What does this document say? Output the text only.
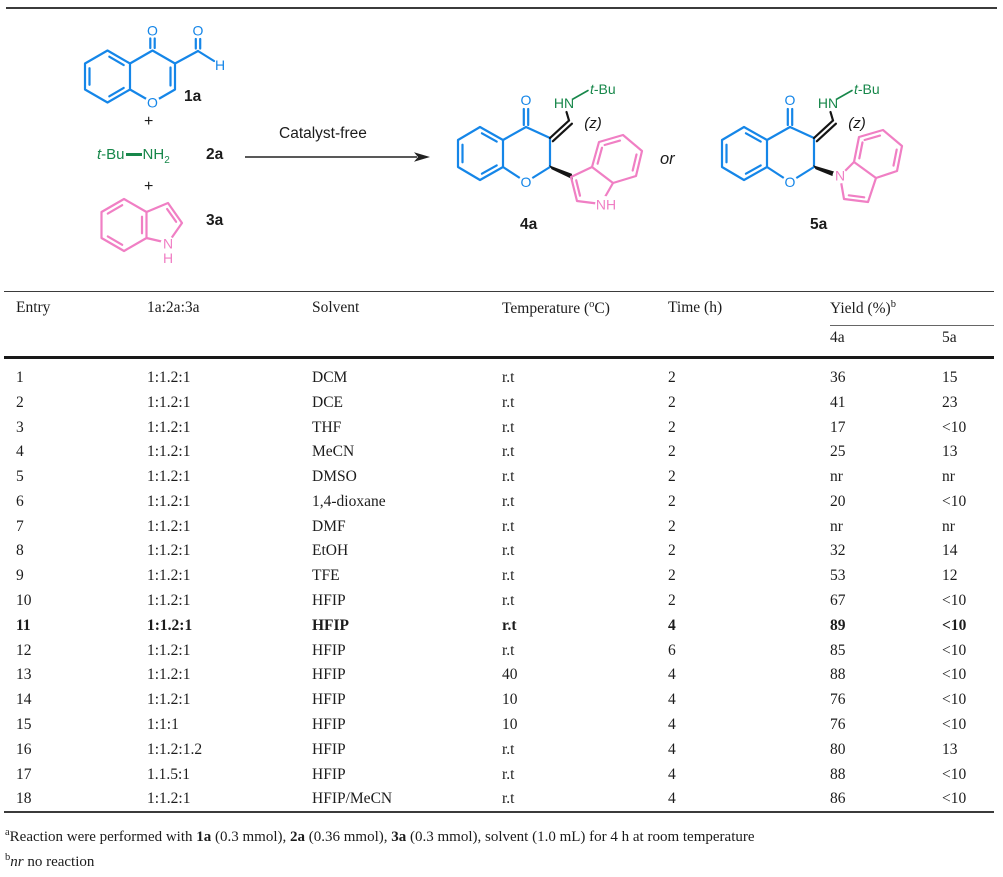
O O
O
H
1a
+
t-Bu $NH_2$ 2a
+
N
H
3a
Catalyst-free
O
O
HN
t-Bu
(z)
NH
4a
or
O
O
HN
t-Bu
(z)
N
5a
Entry	1a:2a:3a	Solvent	Temperature ($^o$C)	Time (h)	Yield (%)$^b$
					4a	5a
1	1:1.2:1	DCM	r.t	2	36	15
2	1:1.2:1	DCE	r.t	2	41	23
3	1:1.2:1	THF	r.t	2	17	<10
4	1:1.2:1	MeCN	r.t	2	25	13
5	1:1.2:1	DMSO	r.t	2	nr	nr
6	1:1.2:1	1,4-dioxane	r.t	2	20	<10
7	1:1.2:1	DMF	r.t	2	nr	nr
8	1:1.2:1	EtOH	r.t	2	32	14
9	1:1.2:1	TFE	r.t	2	53	12
10	1:1.2:1	HFIP	r.t	2	67	<10
11	1:1.2:1	HFIP	r.t	4	89	<10
12	1:1.2:1	HFIP	r.t	6	85	<10
13	1:1.2:1	HFIP	40	4	88	<10
14	1:1.2:1	HFIP	10	4	76	<10
15	1:1:1	HFIP	10	4	76	<10
16	1:1.2:1.2	HFIP	r.t	4	80	13
17	1.1.5:1	HFIP	r.t	4	88	<10
18	1:1.2:1	HFIP/MeCN	r.t	4	86	<10
$^a$Reaction were performed with 1a (0.3 mmol), 2a (0.36 mmol), 3a (0.3 mmol), solvent (1.0 mL) for 4 h at room temperature
$^b$nr no reaction
